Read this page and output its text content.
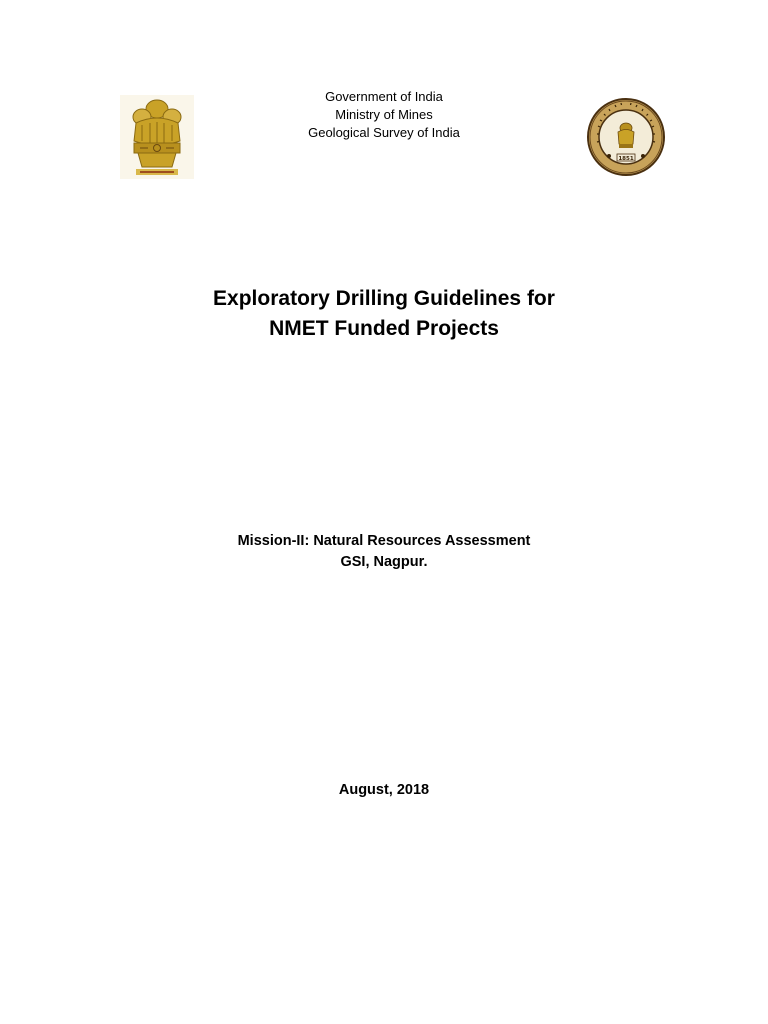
Government of India
Ministry of Mines
Geological Survey of India
1851
Exploratory Drilling Guidelines for
NMET Funded Projects
Mission-II: Natural Resources Assessment
GSI, Nagpur.
August, 2018
